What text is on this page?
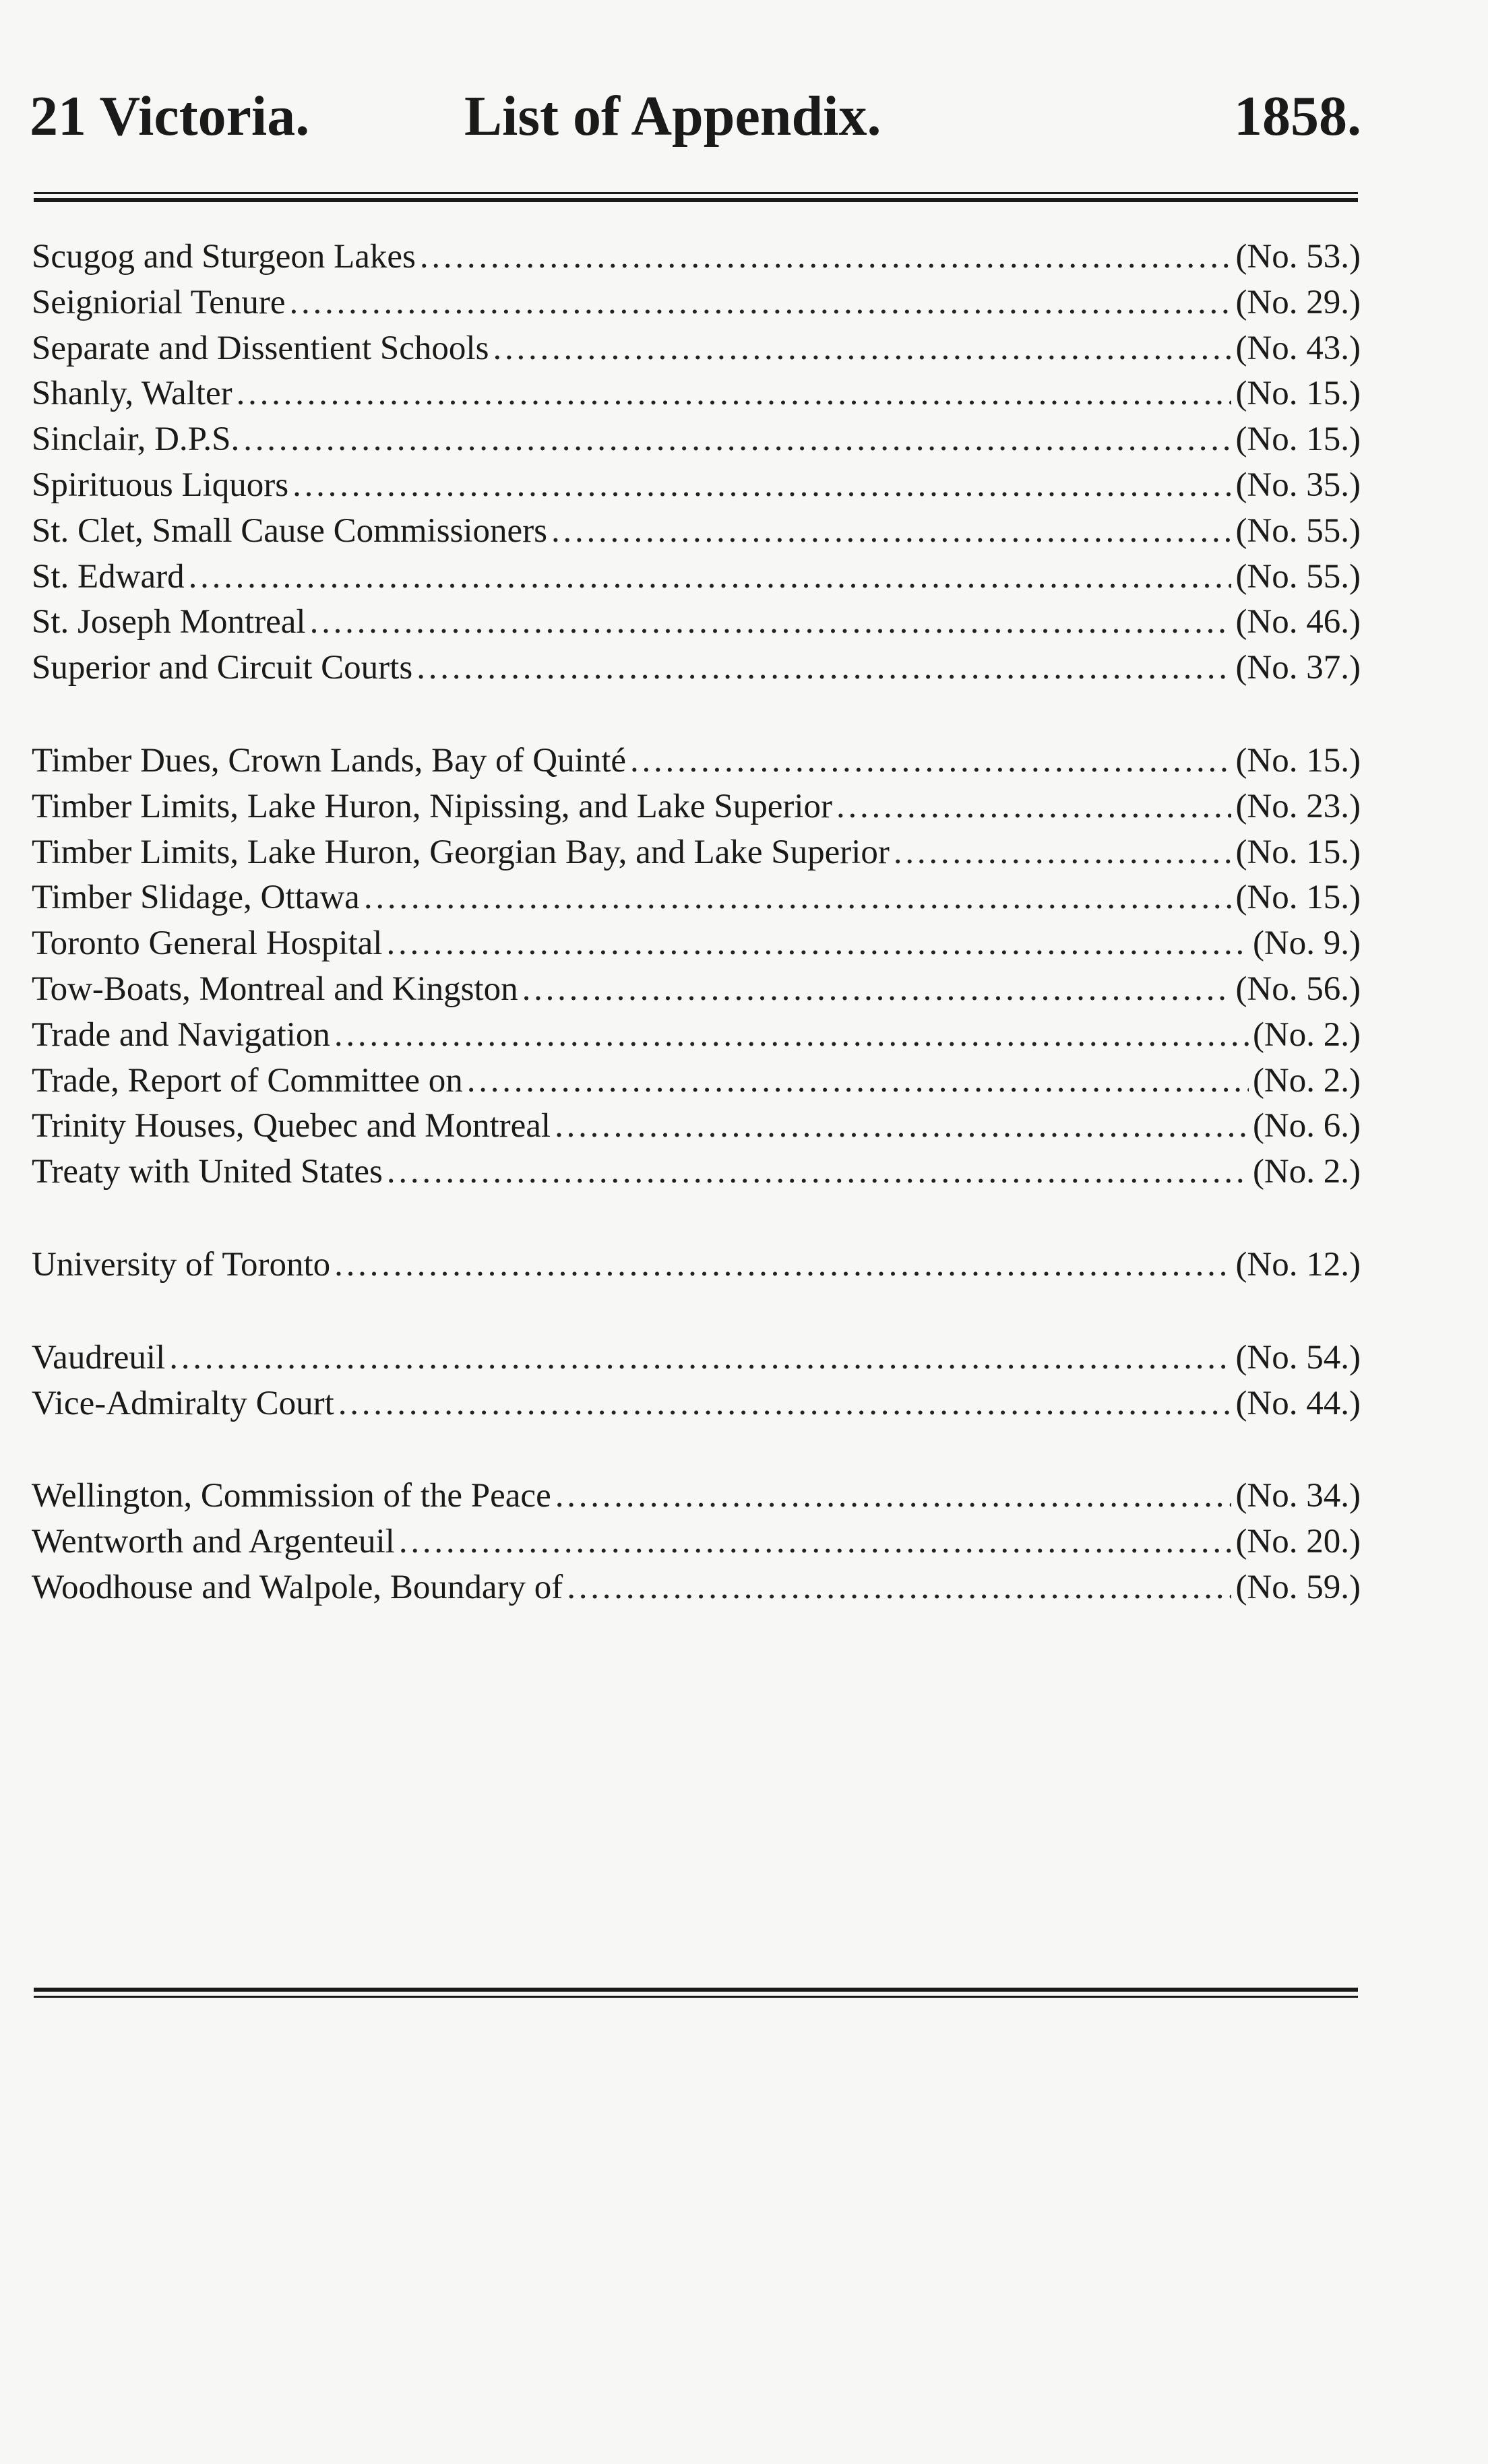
21 Victoria.	List of Appendix.	1858.
Scugog and Sturgeon Lakes . . .	(No. 53.)
Seigniorial Tenure . . .	(No. 29.)
Separate and Dissentient Schools . . .	(No. 43.)
Shanly, Walter . . .	(No. 15.)
Sinclair, D.P.S. . . .	(No. 15.)
Spirituous Liquors . . .	(No. 35.)
St. Clet, Small Cause Commissioners . . .	(No. 55.)
St. Edward . . .	(No. 55.)
St. Joseph Montreal . . .	(No. 46.)
Superior and Circuit Courts . . .	(No. 37.)
Timber Dues, Crown Lands, Bay of Quinté . . .	(No. 15.)
Timber Limits, Lake Huron, Nipissing, and Lake Superior . . .	(No. 23.)
Timber Limits, Lake Huron, Georgian Bay, and Lake Superior . . .	(No. 15.)
Timber Slidage, Ottawa . . .	(No. 15.)
Toronto General Hospital . . .	(No. 9.)
Tow-Boats, Montreal and Kingston . . .	(No. 56.)
Trade and Navigation . . .	(No. 2.)
Trade, Report of Committee on . . .	(No. 2.)
Trinity Houses, Quebec and Montreal . . .	(No. 6.)
Treaty with United States . . .	(No. 2.)
University of Toronto . . .	(No. 12.)
Vaudreuil . . .	(No. 54.)
Vice-Admiralty Court . . .	(No. 44.)
Wellington, Commission of the Peace . . .	(No. 34.)
Wentworth and Argenteuil . . .	(No. 20.)
Woodhouse and Walpole, Boundary of . . .	(No. 59.)
